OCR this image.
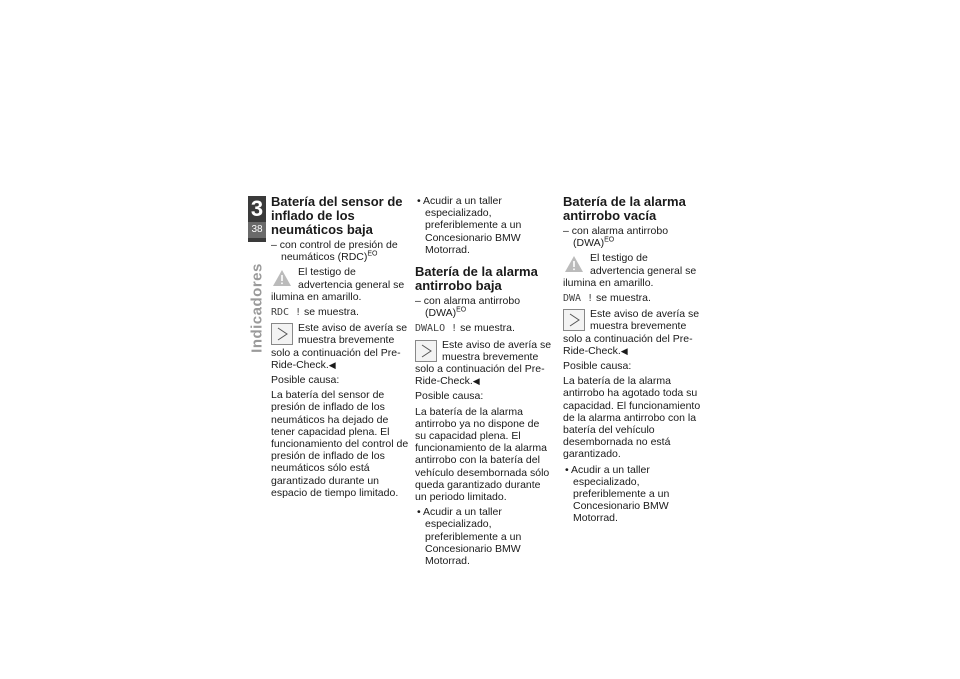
3
38
Indicadores
Batería del sensor de inflado de los neumáticos baja
– con control de presión de neumáticos (RDC)$^{EO}$
El testigo de advertencia general se ilumina en amarillo.

RDC ! se muestra.

Este aviso de avería se muestra brevemente solo a continuación del Pre-Ride-Check.◀

Posible causa:

La batería del sensor de presión de inflado de los neumáticos ha dejado de tener capacidad plena. El funcionamiento del control de presión de inflado de los neumáticos sólo está garantizado durante un espacio de tiempo limitado.

• Acudir a un taller especializado, preferiblemente a un Concesionario BMW Motorrad.
Batería de la alarma antirrobo baja
– con alarma antirrobo (DWA)$^{EO}$

DWALO ! se muestra.

Este aviso de avería se muestra brevemente solo a continuación del Pre-Ride-Check.◀

Posible causa:

La batería de la alarma antirrobo ya no dispone de su capacidad plena. El funcionamiento de la alarma antirrobo con la batería del vehículo desembornada sólo queda garantizado durante un periodo limitado.

• Acudir a un taller especializado, preferiblemente a un Concesionario BMW Motorrad.
Batería de la alarma antirrobo vacía
– con alarma antirrobo (DWA)$^{EO}$
El testigo de advertencia general se ilumina en amarillo.

DWA ! se muestra.

Este aviso de avería se muestra brevemente solo a continuación del Pre-Ride-Check.◀

Posible causa:

La batería de la alarma antirrobo ha agotado toda su capacidad. El funcionamiento de la alarma antirrobo con la batería del vehículo desembornada no está garantizado.

• Acudir a un taller especializado, preferiblemente a un Concesionario BMW Motorrad.
